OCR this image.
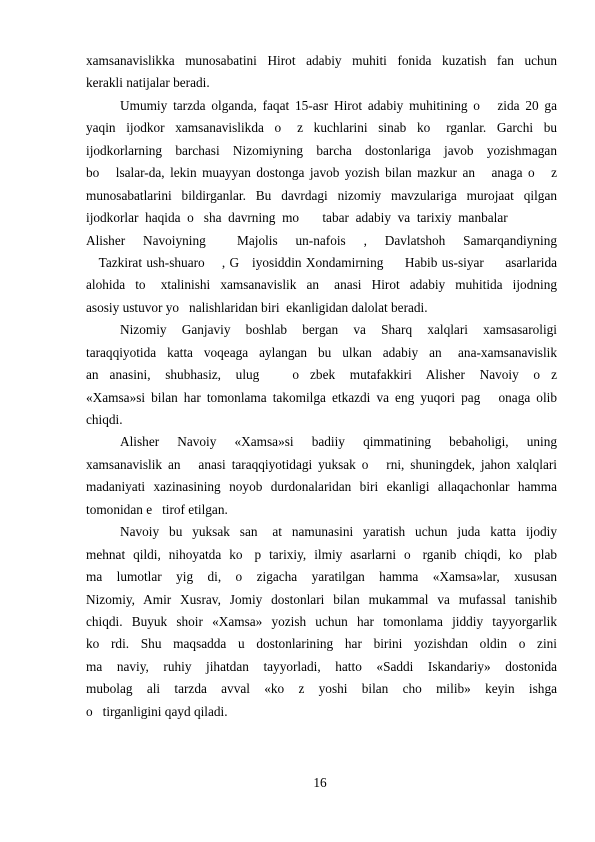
xamsanavislikka  munosabatini  Hirot  adabiy  muhiti  fonida  kuzatish  fan  uchun
kerakli natijalar beradi.
Umumiy tarzda olganda, faqat 15-asr Hirot adabiy muhitining o   zida 20 ga
yaqin  ijodkor  xamsanavislikda  o   z  kuchlarini  sinab  ko   rganlar.  Garchi  bu
ijodkorlarning  barchasi  Nizomiyning  barcha  dostonlariga  javob  yozishmagan
bo   lsalar-da, lekin muayyan dostonga javob yozish bilan mazkur an   anaga o   z
munosabatlarini  bildirganlar.  Bu  davrdagi  nizomiy  mavzulariga  murojaat  qilgan
ijodkorlar  haqida  o   sha  davrning  mo       tabar  adabiy  va  tarixiy  manbalar
Alisher    Navoiyning       Majolis    un-nafois    ,    Davlatshoh    Samarqandiyning
Tazkirat ush-shuaro    , G   iyosiddin Xondamirning     Habib us-siyar     asarlarida
alohida  to   xtalinishi  xamsanavislik  an   anasi  Hirot  adabiy  muhitida  ijodning
asosiy ustuvor yo   nalishlaridan biri  ekanligidan dalolat beradi.
Nizomiy   Ganjaviy   boshlab   bergan   va   Sharq   xalqlari   xamsasaroligi
taraqqiyotida  katta  voqeaga  aylangan  bu  ulkan  adabiy  an   ana-xamsanavislik
an   anasini,    shubhasiz,    ulug         o   zbek    mutafakkiri    Alisher    Navoiy    o   z
«Xamsa»si bilan har tomonlama takomilga etkazdi va eng yuqori pag   onaga olib
chiqdi.
Alisher    Navoiy    «Xamsa»si    badiiy    qimmatining    bebaholigi,    uning
xamsanavislik an   anasi taraqqiyotidagi yuksak o   rni, shuningdek, jahon xalqlari
madaniyati xazinasining noyob durdonalaridan biri ekanligi allaqachonlar hamma
tomonidan e   tirof etilgan.
Navoiy  bu  yuksak  san   at  namunasini  yaratish  uchun  juda  katta  ijodiy
mehnat  qildi,  nihoyatda  ko   p  tarixiy,  ilmiy  asarlarni  o   rganib  chiqdi,  ko   plab
ma   lumotlar   yig   di,   o   zigacha   yaratilgan   hamma   «Xamsa»lar,   xususan
Nizomiy,  Amir  Xusrav,  Jomiy  dostonlari  bilan  mukammal  va  mufassal  tanishib
chiqdi.  Buyuk  shoir  «Xamsa»  yozish  uchun  har  tomonlama  jiddiy  tayyorgarlik
ko   rdi.   Shu   maqsadda   u   dostonlarining   har   birini   yozishdan   oldin   o   zini
ma   naviy,   ruhiy   jihatdan   tayyorladi,   hatto   «Saddi   Iskandariy»   dostonida
mubolag   ali   tarzda   avval   «ko   z   yoshi   bilan   cho   milib»   keyin   ishga
o   tirganligini qayd qiladi.
16
